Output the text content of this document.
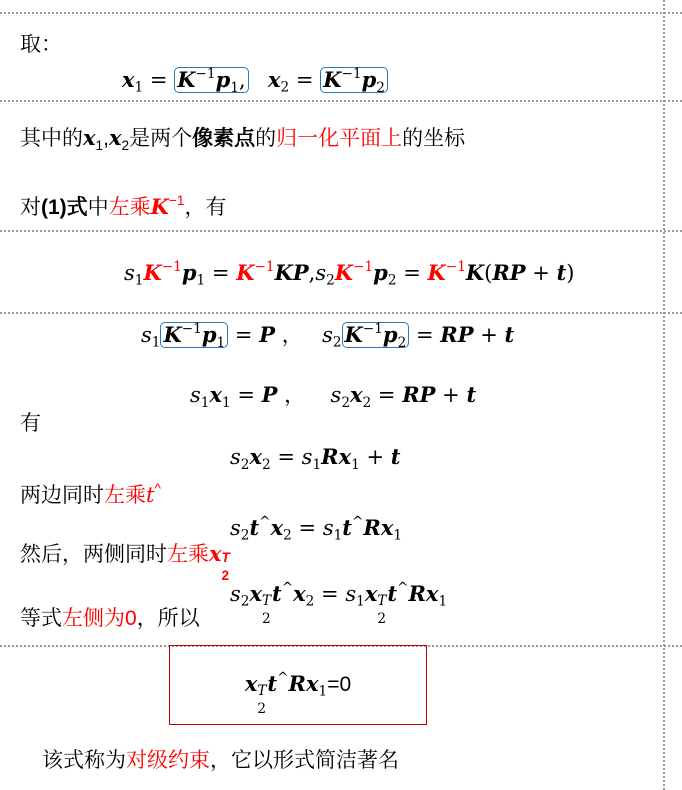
取：
$x_1 = K^{-1}p_1$, $x_2 = K^{-1}p_2$
其中的$x_1,x_2$是两个像素点的归一化平面上的坐标
对(1)式中左乘$K^{-1}$，有
$s_1K^{-1}p_1 = K^{-1}KP,s_2K^{-1}p_2 = K^{-1}K(RP + t)$
$s_1$ $K^{-1}p_1 = P$ ， $s_2$ $K^{-1}p_2$ = RP + t
$s_1x_1 = P$ ， $s_2x_2$ = RP + t
有
$s_2x_2 = s_1Rx_1 + t$
两边同时左乘t^
$s_2t^{\^{}}x_2 = s_1t^{\^{}}Rx_1$
然后，两侧同时左乘x T
2
$s_2x$ T
2
$t^{\^{}}x_2 = s_1x$ T
2
$t^{\^{}}Rx_1$
等式左侧为0，所以
x T
2
$t^{\^{}}Rx_1=0$
该式称为对级约束，它以形式简洁著名
